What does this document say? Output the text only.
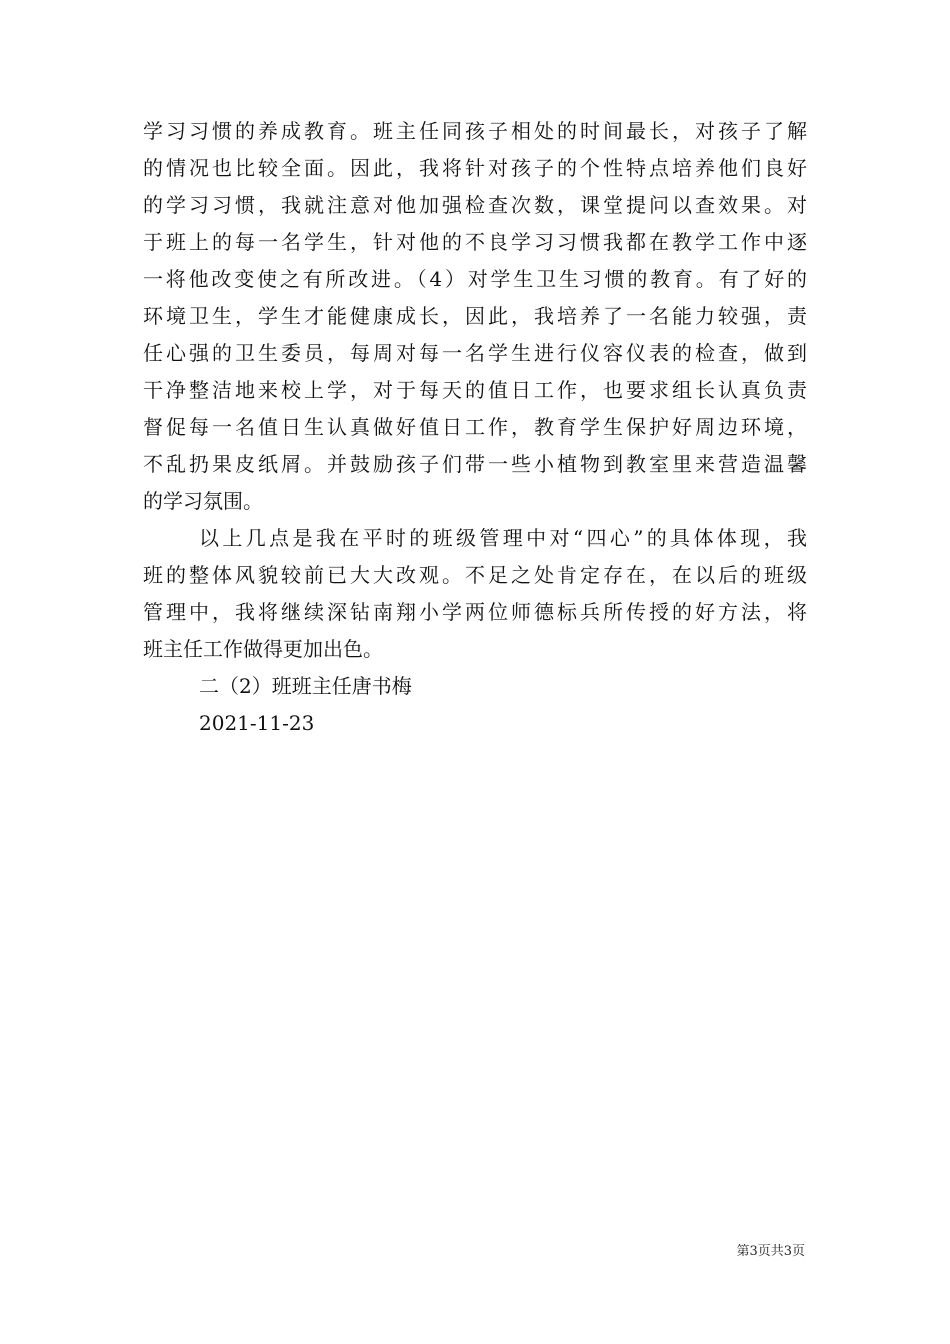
学习习惯的养成教育。班主任同孩子相处的时间最长，对孩子了解
的情况也比较全面。因此，我将针对孩子的个性特点培养他们良好
的学习习惯，我就注意对他加强检查次数，课堂提问以查效果。对
于班上的每一名学生，针对他的不良学习习惯我都在教学工作中逐
一将他改变使之有所改进。（4）对学生卫生习惯的教育。有了好的
环境卫生，学生才能健康成长，因此，我培养了一名能力较强，责
任心强的卫生委员，每周对每一名学生进行仪容仪表的检查，做到
干净整洁地来校上学，对于每天的值日工作，也要求组长认真负责
督促每一名值日生认真做好值日工作，教育学生保护好周边环境，
不乱扔果皮纸屑。并鼓励孩子们带一些小植物到教室里来营造温馨
的学习氛围。
以上几点是我在平时的班级管理中对“四心”的具体体现，我
班的整体风貌较前已大大改观。不足之处肯定存在，在以后的班级
管理中，我将继续深钻南翔小学两位师德标兵所传授的好方法，将
班主任工作做得更加出色。
二（2）班班主任唐书梅
2021-11-23
第3页共3页
